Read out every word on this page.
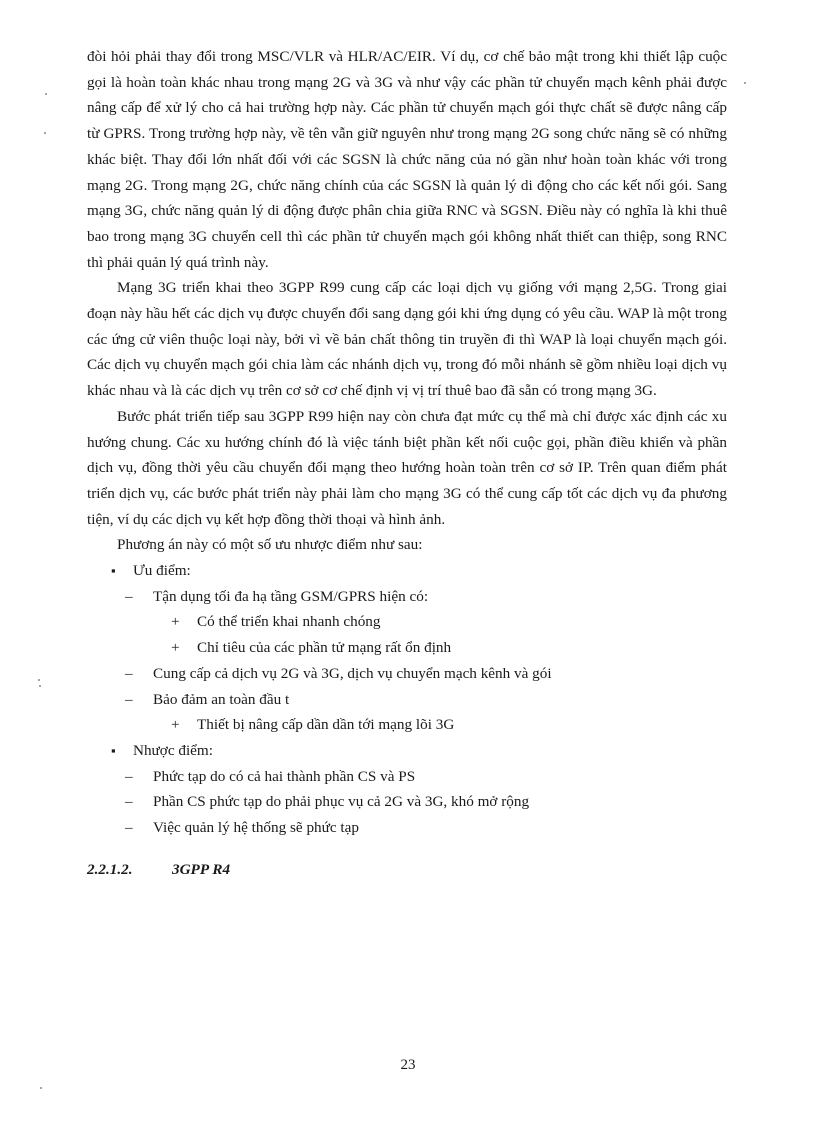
đòi hỏi phải thay đổi trong MSC/VLR và HLR/AC/EIR. Ví dụ, cơ chế bảo mật trong khi thiết lập cuộc gọi là hoàn toàn khác nhau trong mạng 2G và 3G và như vậy các phần tử chuyển mạch kênh phải được nâng cấp để xử lý cho cả hai trường hợp này. Các phần tử chuyển mạch gói thực chất sẽ được nâng cấp từ GPRS. Trong trường hợp này, về tên vẫn giữ nguyên như trong mạng 2G song chức năng sẽ có những khác biệt. Thay đổi lớn nhất đối với các SGSN là chức năng của nó gần như hoàn toàn khác với trong mạng 2G. Trong mạng 2G, chức năng chính của các SGSN là quản lý di động cho các kết nối gói. Sang mạng 3G, chức năng quản lý di động được phân chia giữa RNC và SGSN. Điều này có nghĩa là khi thuê bao trong mạng 3G chuyển cell thì các phần tử chuyển mạch gói không nhất thiết can thiệp, song RNC thì phải quản lý quá trình này.

Mạng 3G triển khai theo 3GPP R99 cung cấp các loại dịch vụ giống với mạng 2,5G. Trong giai đoạn này hầu hết các dịch vụ được chuyển đổi sang dạng gói khi ứng dụng có yêu cầu. WAP là một trong các ứng cử viên thuộc loại này, bởi vì về bản chất thông tin truyền đi thì WAP là loại chuyển mạch gói. Các dịch vụ chuyển mạch gói chia làm các nhánh dịch vụ, trong đó mỗi nhánh sẽ gồm nhiều loại dịch vụ khác nhau và là các dịch vụ trên cơ sở cơ chế định vị vị trí thuê bao đã sẵn có trong mạng 3G.

Bước phát triển tiếp sau 3GPP R99 hiện nay còn chưa đạt mức cụ thể mà chỉ được xác định các xu hướng chung. Các xu hướng chính đó là việc tánh biệt phần kết nối cuộc gọi, phần điều khiển và phần dịch vụ, đồng thời yêu cầu chuyển đổi mạng theo hướng hoàn toàn trên cơ sở IP. Trên quan điểm phát triển dịch vụ, các bước phát triển này phải làm cho mạng 3G có thể cung cấp tốt các dịch vụ đa phương tiện, ví dụ các dịch vụ kết hợp đồng thời thoại và hình ảnh.

Phương án này có một số ưu nhược điểm như sau:

▪ Ưu điểm:
– Tận dụng tối đa hạ tầng GSM/GPRS hiện có:
+ Có thể triển khai nhanh chóng
+ Chỉ tiêu của các phần tử mạng rất ổn định
– Cung cấp cả dịch vụ 2G và 3G, dịch vụ chuyển mạch kênh và gói
– Bảo đảm an toàn đầu t
+ Thiết bị nâng cấp dần dần tới mạng lõi 3G
▪ Nhược điểm:
– Phức tạp do có cả hai thành phần CS và PS
– Phần CS phức tạp do phải phục vụ cả 2G và 3G, khó mở rộng
– Việc quản lý hệ thống sẽ phức tạp

2.2.1.2.	3GPP R4

23
